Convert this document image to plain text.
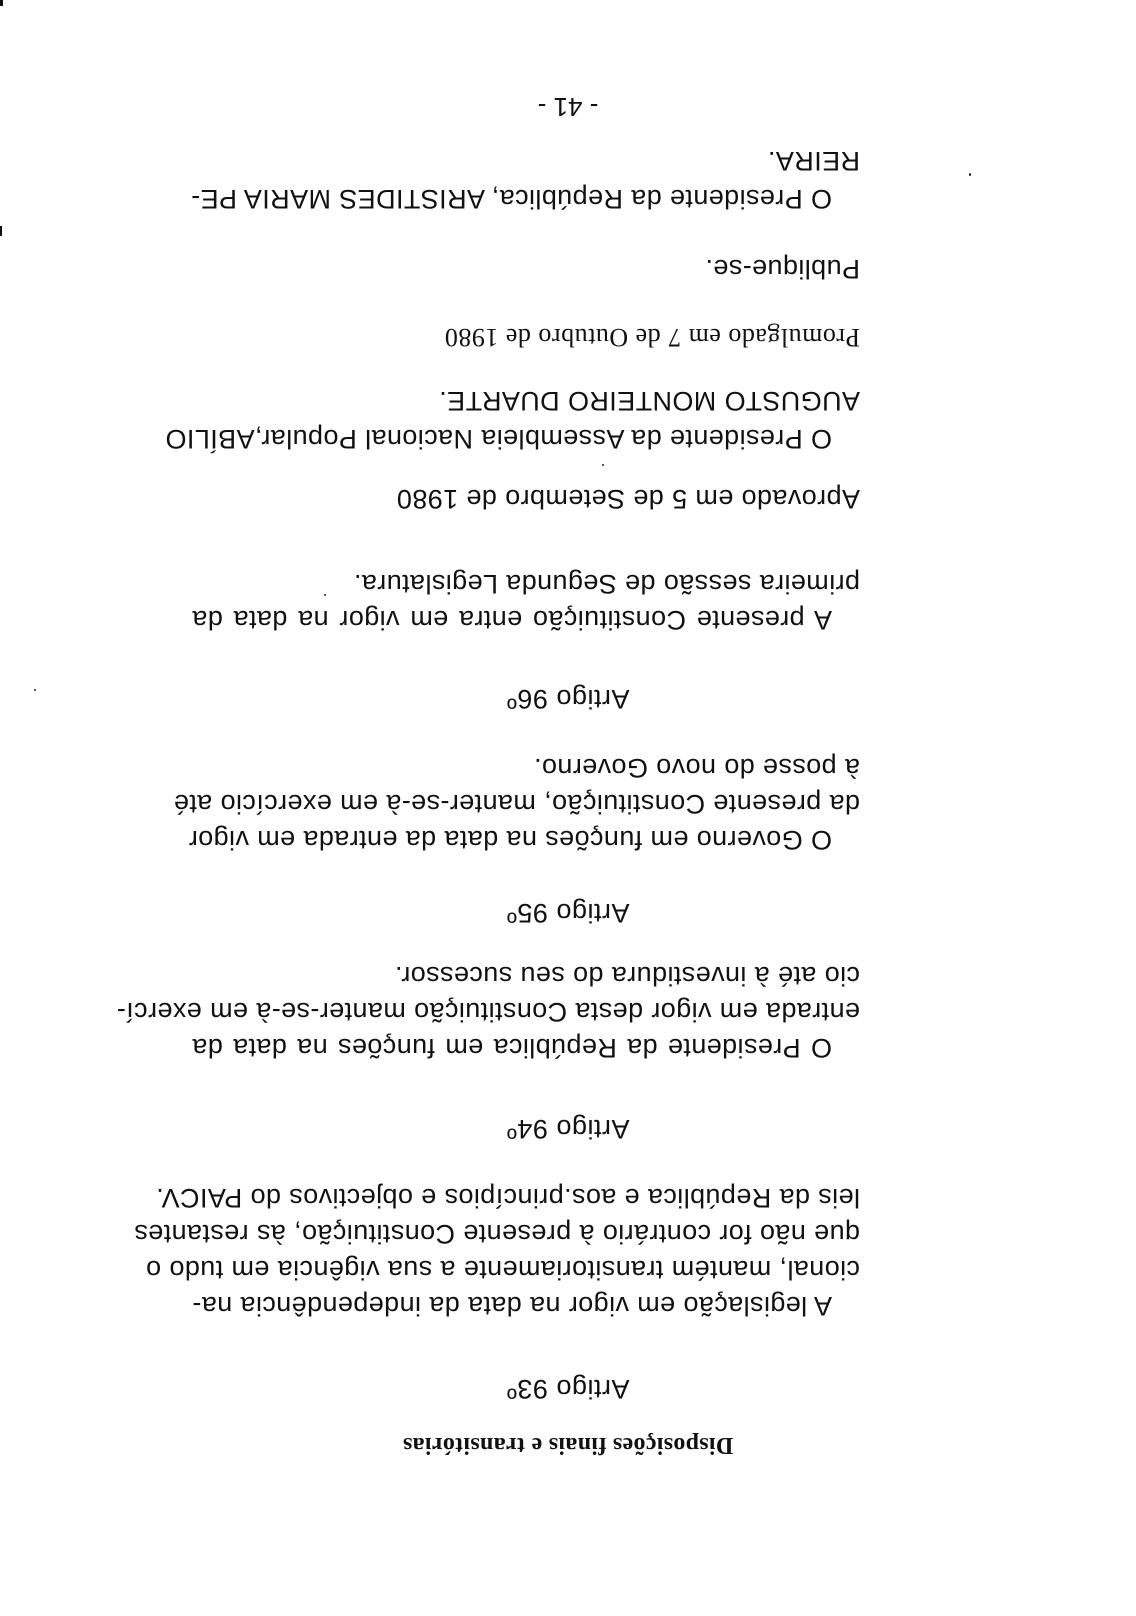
Disposições finais e transitórias
Artigo 93º
A legislação em vigor na data da independência na-
cional, mantém transitoriamente a sua vigência em tudo o
que não for contrário à presente Constituição, às restantes
leis da República e aos.princípios e objectivos do PAICV.
Artigo 94º
O Presidente da República em funções na data da
entrada em vigor desta Constituição manter-se-à em exercí-
cio até à investidura do seu sucessor.
Artigo 95º
O Governo em funções na data da entrada em vigor
da presente Constituição, manter-se-à em exercício até
à posse do novo Governo.
Artigo 96º
A presente Constituição entra em vigor na data da
primeira sessão de Segunda Legislatura.
Aprovado em 5 de Setembro de 1980
O Presidente da Assembleia Nacional Popular,ABÍLIO
AUGUSTO MONTEIRO DUARTE.
Promulgado em 7 de Outubro de 1980
Publique-se.
O Presidente da República, ARISTIDES MARIA PE-
REIRA.
- 41 -
